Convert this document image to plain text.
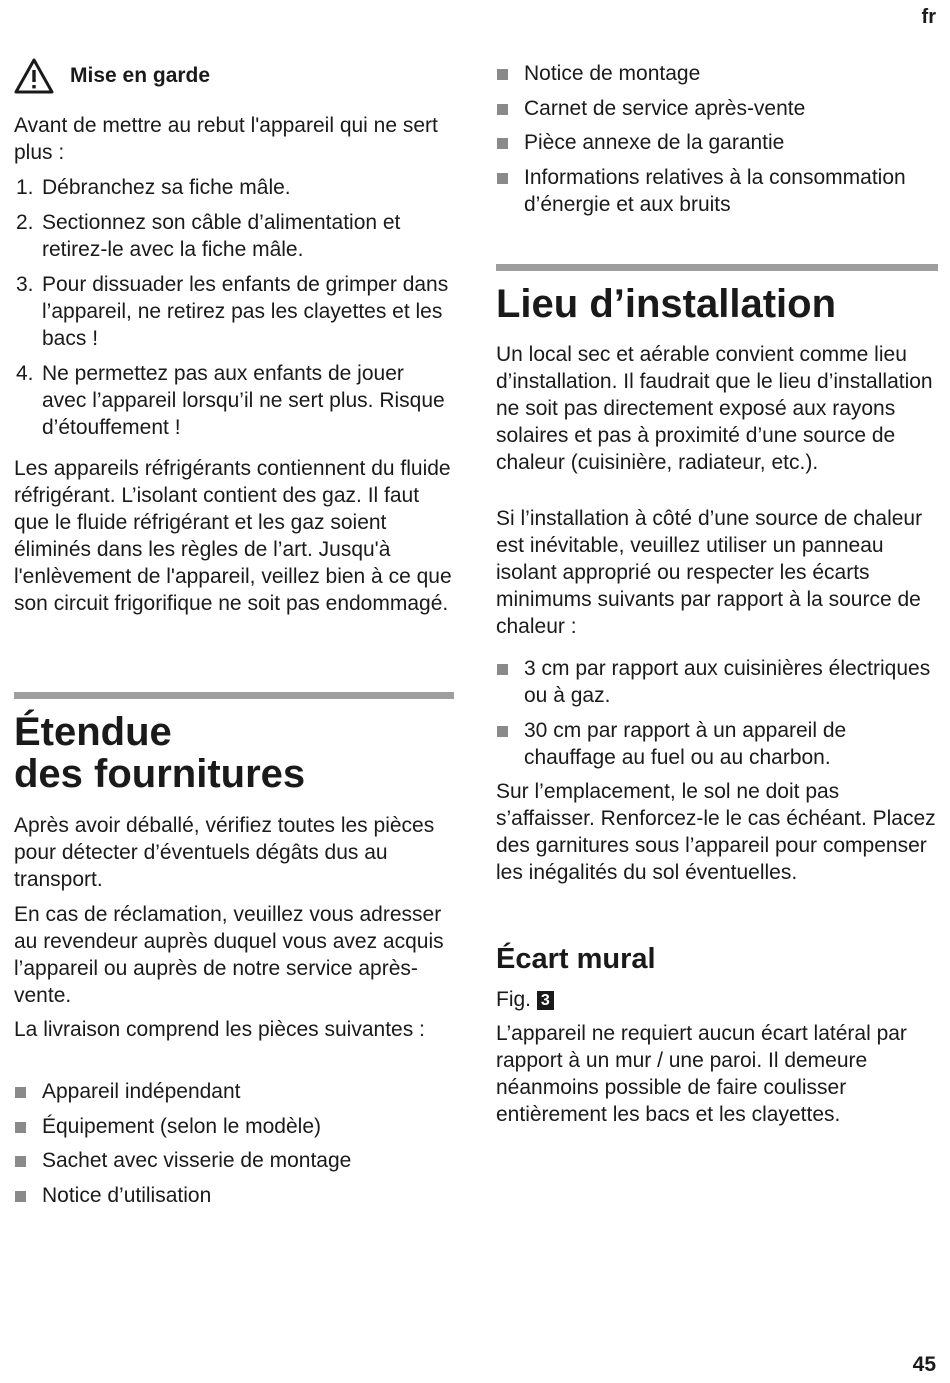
fr
Mise en garde

Avant de mettre au rebut l'appareil qui ne sert plus :

1. Débranchez sa fiche mâle.
2. Sectionnez son câble d’alimentation et retirez-le avec la fiche mâle.
3. Pour dissuader les enfants de grimper dans l’appareil, ne retirez pas les clayettes et les bacs !
4. Ne permettez pas aux enfants de jouer avec l’appareil lorsqu’il ne sert plus. Risque d’étouffement !

Les appareils réfrigérants contiennent du fluide réfrigérant. L’isolant contient des gaz. Il faut que le fluide réfrigérant et les gaz soient éliminés dans les règles de l’art. Jusqu'à l'enlèvement de l'appareil, veillez bien à ce que son circuit frigorifique ne soit pas endommagé.

Étendue
des fournitures

Après avoir déballé, vérifiez toutes les pièces pour détecter d’éventuels dégâts dus au transport.

En cas de réclamation, veuillez vous adresser au revendeur auprès duquel vous avez acquis l’appareil ou auprès de notre service après-vente.

La livraison comprend les pièces suivantes :

Appareil indépendant
Équipement (selon le modèle)
Sachet avec visserie de montage
Notice d’utilisation
Notice de montage
Carnet de service après-vente
Pièce annexe de la garantie
Informations relatives à la consommation d’énergie et aux bruits
Lieu d’installation

Un local sec et aérable convient comme lieu d’installation. Il faudrait que le lieu d’installation ne soit pas directement exposé aux rayons solaires et pas à proximité d’une source de chaleur (cuisinière, radiateur, etc.).

Si l’installation à côté d’une source de chaleur est inévitable, veuillez utiliser un panneau isolant approprié ou respecter les écarts minimums suivants par rapport à la source de chaleur :

3 cm par rapport aux cuisinières électriques ou à gaz.
30 cm par rapport à un appareil de chauffage au fuel ou au charbon.

Sur l’emplacement, le sol ne doit pas s’affaisser. Renforcez-le le cas échéant. Placez des garnitures sous l’appareil pour compenser les inégalités du sol éventuelles.

Écart mural

Fig. 3

L’appareil ne requiert aucun écart latéral par rapport à un mur / une paroi. Il demeure néanmoins possible de faire coulisser entièrement les bacs et les clayettes.

45
